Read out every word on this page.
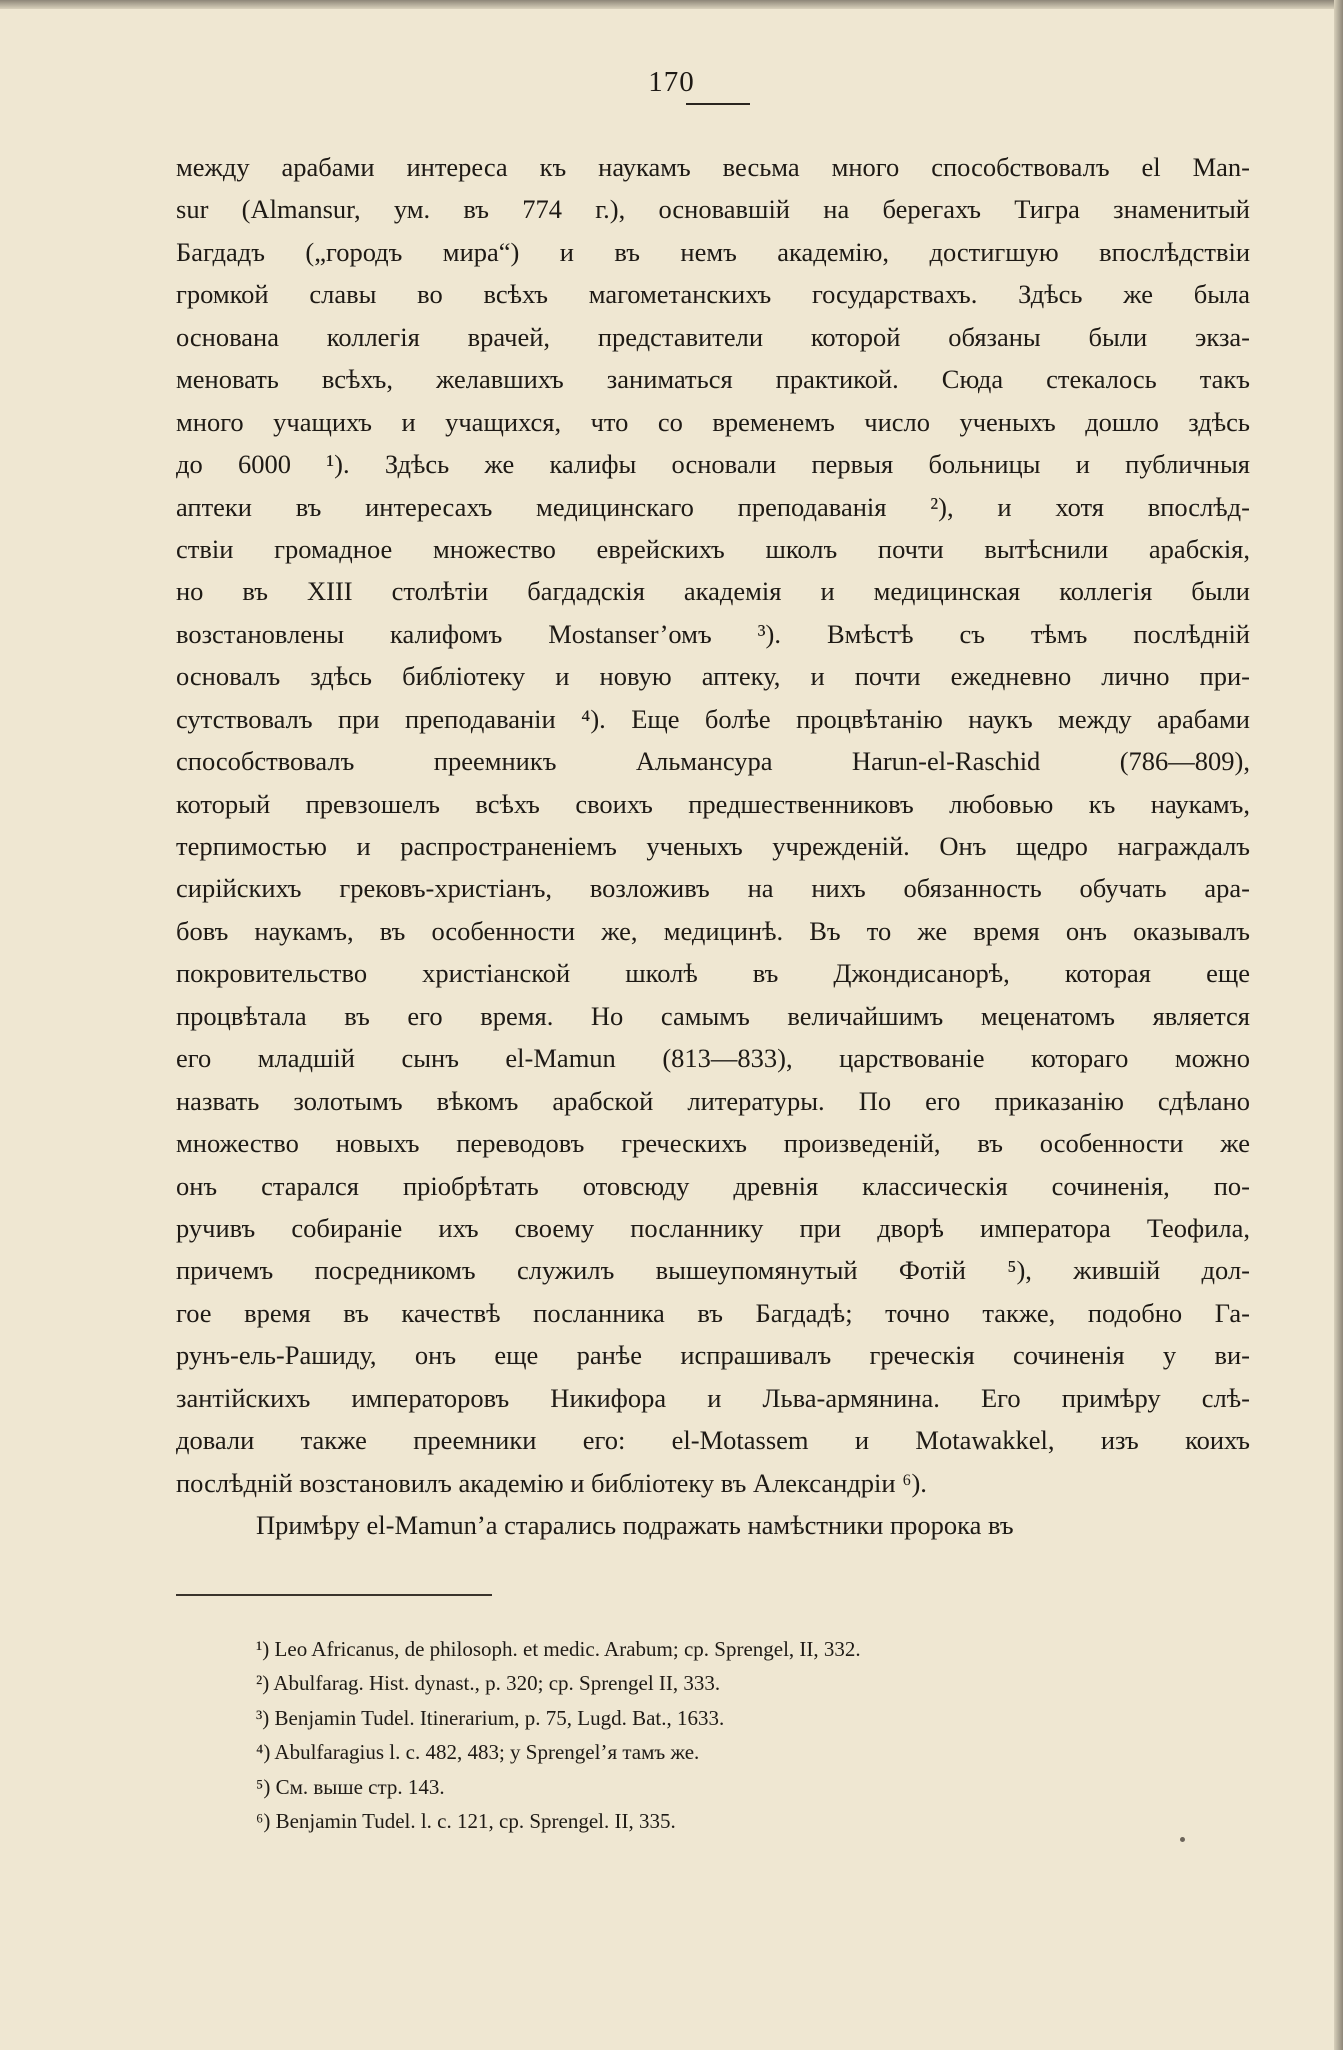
170
между арабами интереса къ наукамъ весьма много способствовалъ el Man-
sur (Almansur, ум. въ 774 г.), основавшій на берегахъ Тигра знаменитый
Багдадъ („городъ мира“) и въ немъ академію, достигшую впослѣдствіи
громкой славы во всѣхъ магометанскихъ государствахъ. Здѣсь же была
основана коллегія врачей, представители которой обязаны были экза-
меновать всѣхъ, желавшихъ заниматься практикой. Сюда стекалось такъ
много учащихъ и учащихся, что со временемъ число ученыхъ дошло здѣсь
до 6000 ¹). Здѣсь же калифы основали первыя больницы и публичныя
аптеки въ интересахъ медицинскаго преподаванія ²), и хотя впослѣд-
ствіи громадное множество еврейскихъ школъ почти вытѣснили арабскія,
но въ XIII столѣтіи багдадскія академія и медицинская коллегія были
возстановлены калифомъ Mostanser’омъ ³). Вмѣстѣ съ тѣмъ послѣдній
основалъ здѣсь библіотеку и новую аптеку, и почти ежедневно лично при-
сутствовалъ при преподаваніи ⁴). Еще болѣе процвѣтанію наукъ между арабами
способствовалъ преемникъ Альмансура Harun-el-Raschid (786—809),
который превзошелъ всѣхъ своихъ предшественниковъ любовью къ наукамъ,
терпимостью и распространеніемъ ученыхъ учрежденій. Онъ щедро награждалъ
сирійскихъ грековъ-христіанъ, возложивъ на нихъ обязанность обучать ара-
бовъ наукамъ, въ особенности же, медицинѣ. Въ то же время онъ оказывалъ
покровительство христіанской школѣ въ Джондисанорѣ, которая еще
процвѣтала въ его время. Но самымъ величайшимъ меценатомъ является
его младшій сынъ el-Mamun (813—833), царствованіе котораго можно
назвать золотымъ вѣкомъ арабской литературы. По его приказанію сдѣлано
множество новыхъ переводовъ греческихъ произведеній, въ особенности же
онъ старался пріобрѣтать отовсюду древнія классическія сочиненія, по-
ручивъ собираніе ихъ своему посланнику при дворѣ императора Теофила,
причемъ посредникомъ служилъ вышеупомянутый Фотій ⁵), жившій дол-
гое время въ качествѣ посланника въ Багдадѣ; точно также, подобно Га-
рунъ-ель-Рашиду, онъ еще ранѣе испрашивалъ греческія сочиненія у ви-
зантійскихъ императоровъ Никифора и Льва-армянина. Его примѣру слѣ-
довали также преемники его: el-Motassem и Motawakkel, изъ коихъ
послѣдній возстановилъ академію и библіотеку въ Александріи ⁶).
Примѣру el-Mamun’а старались подражать намѣстники пророка въ
¹) Leo Africanus, de philosoph. et medic. Arabum; cp. Sprengel, II, 332.
²) Abulfarag. Hist. dynast., p. 320; cp. Sprengel II, 333.
³) Benjamin Tudel. Itinerarium, p. 75, Lugd. Bat., 1633.
⁴) Abulfaragius l. c. 482, 483; у Sprengel’я тамъ же.
⁵) См. выше стр. 143.
⁶) Benjamin Tudel. l. c. 121, cp. Sprengel. II, 335.
